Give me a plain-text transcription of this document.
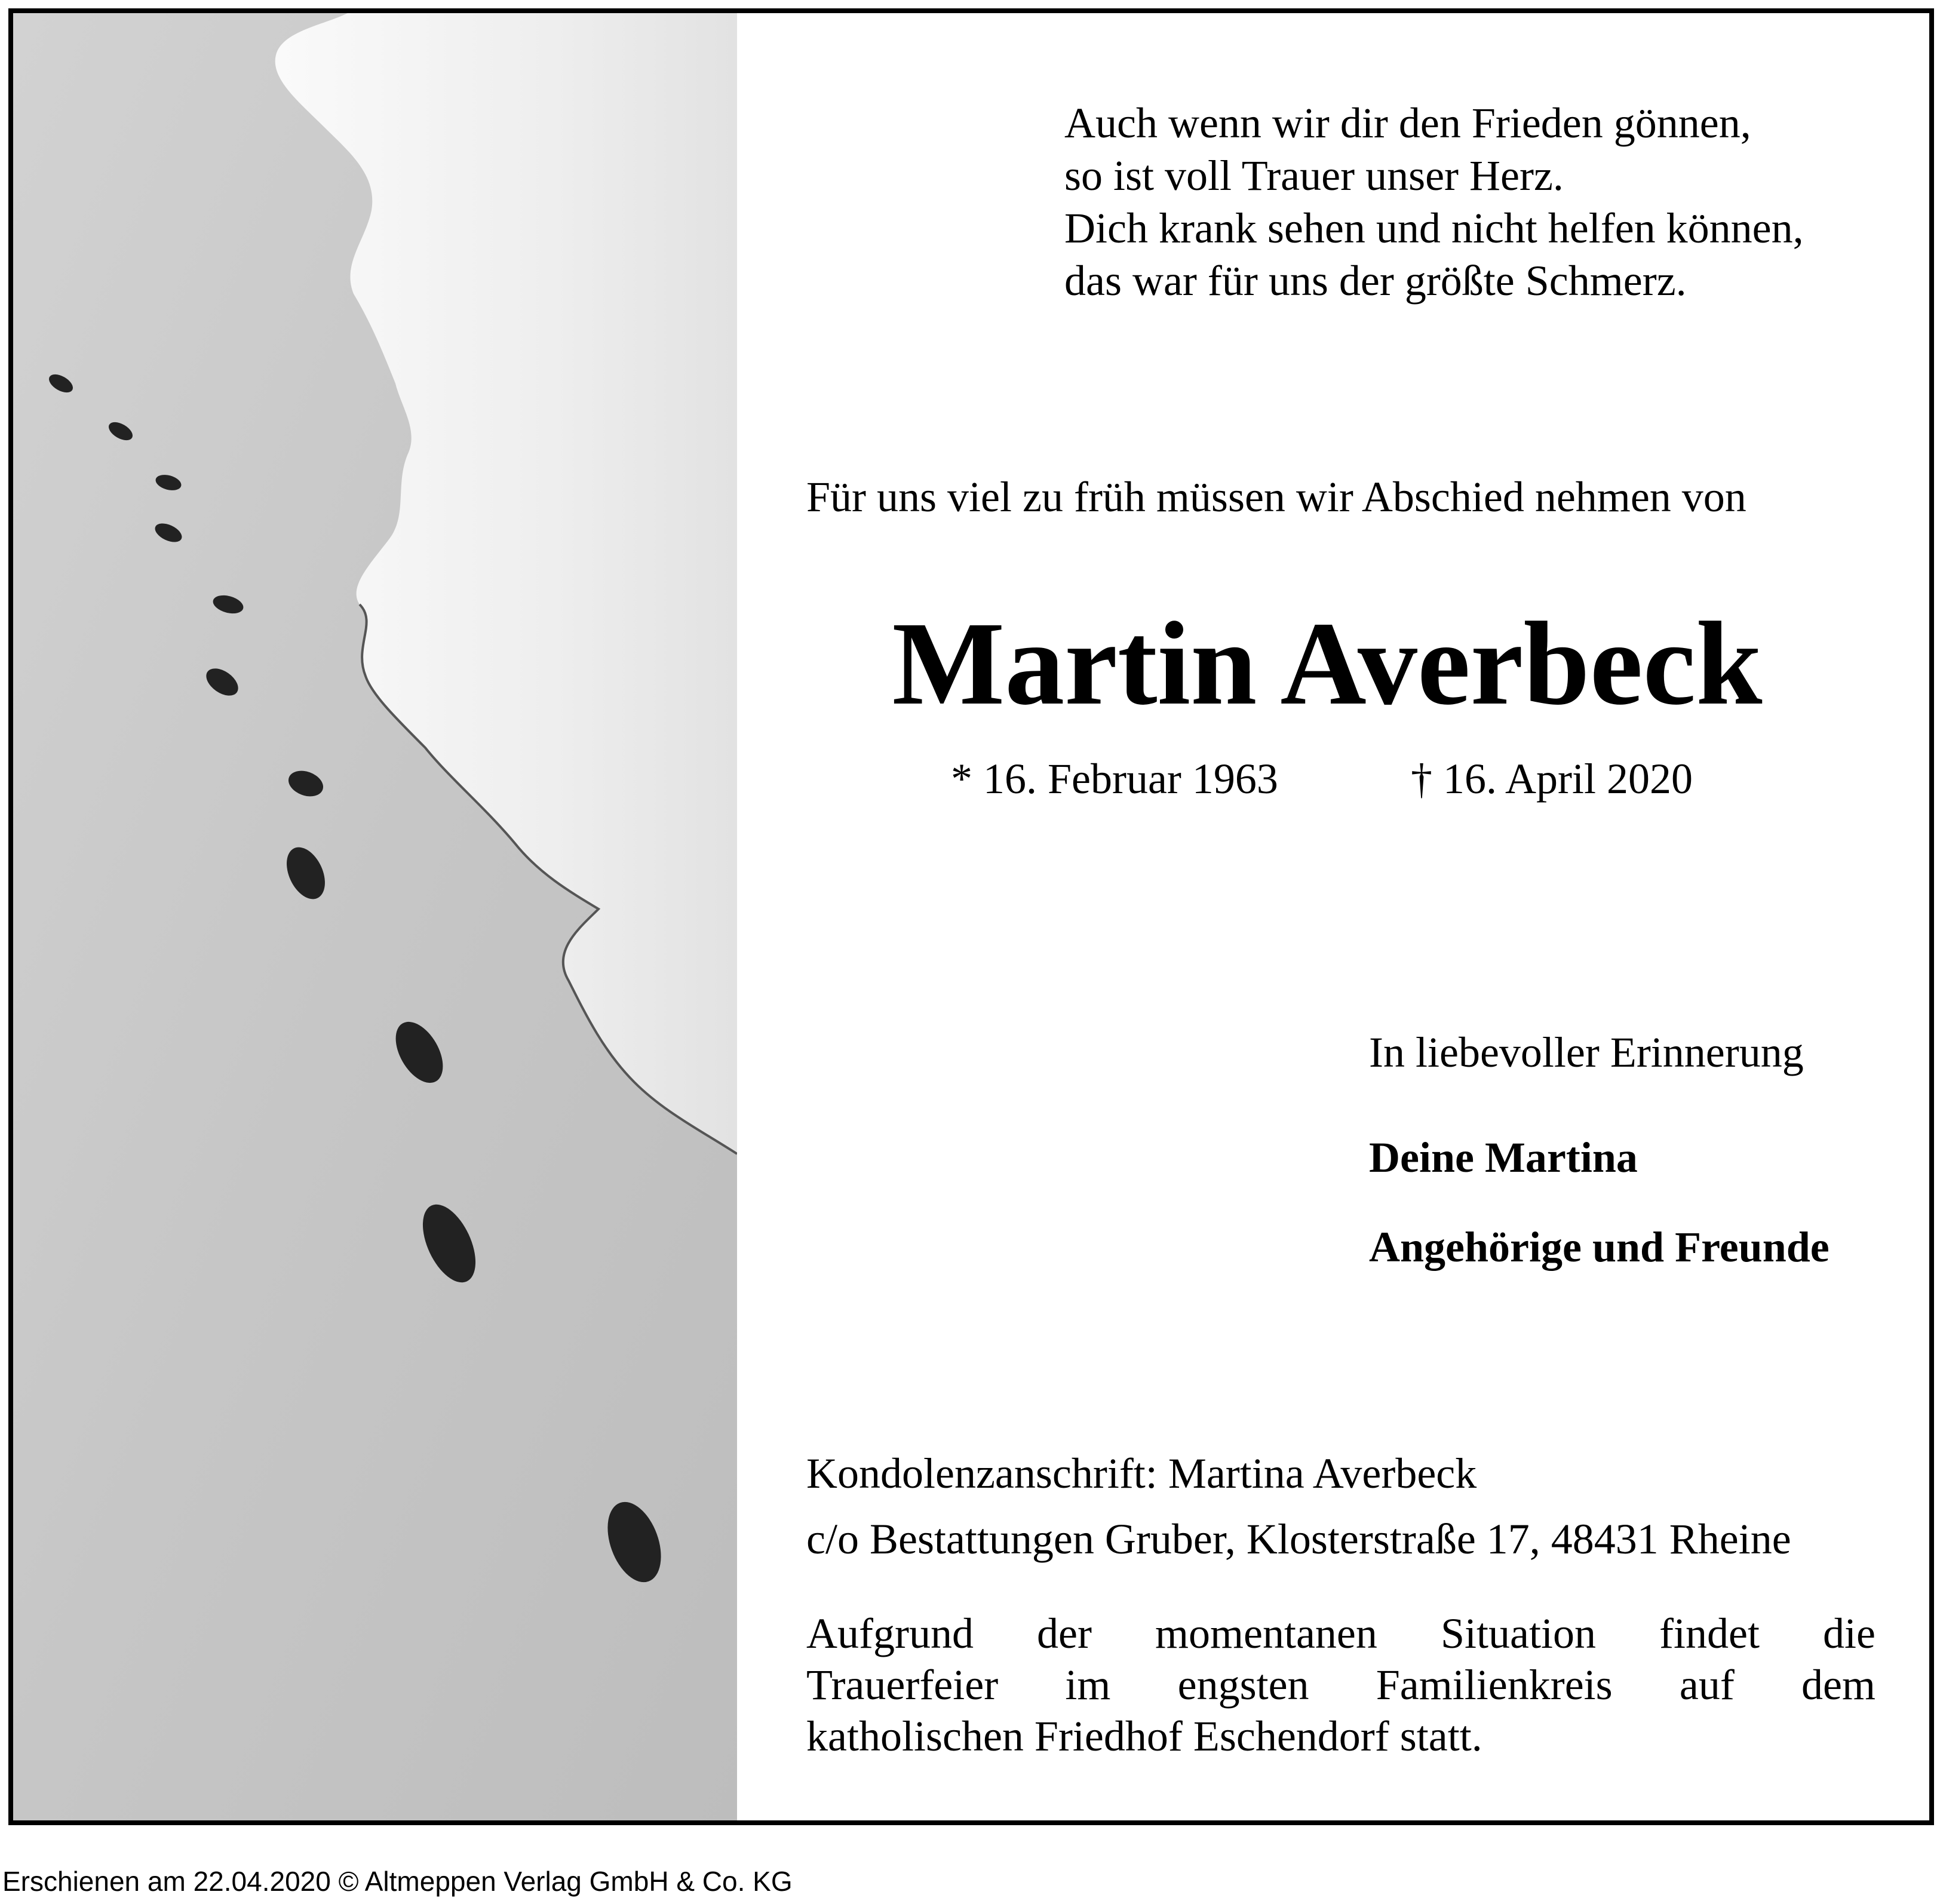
Auch wenn wir dir den Frieden gönnen,
so ist voll Trauer unser Herz.
Dich krank sehen und nicht helfen können,
das war für uns der größte Schmerz.
Für uns viel zu früh müssen wir Abschied nehmen von
Martin Averbeck
* 16. Februar 1963	† 16. April 2020
In liebevoller Erinnerung
Deine Martina
Angehörige und Freunde
Kondolenzanschrift: Martina Averbeck
c/o Bestattungen Gruber, Klosterstraße 17, 48431 Rheine
Aufgrund der momentanen Situation findet die
Trauerfeier im engsten Familienkreis auf dem
katholischen Friedhof Eschendorf statt.
Erschienen am 22.04.2020 © Altmeppen Verlag GmbH & Co. KG
